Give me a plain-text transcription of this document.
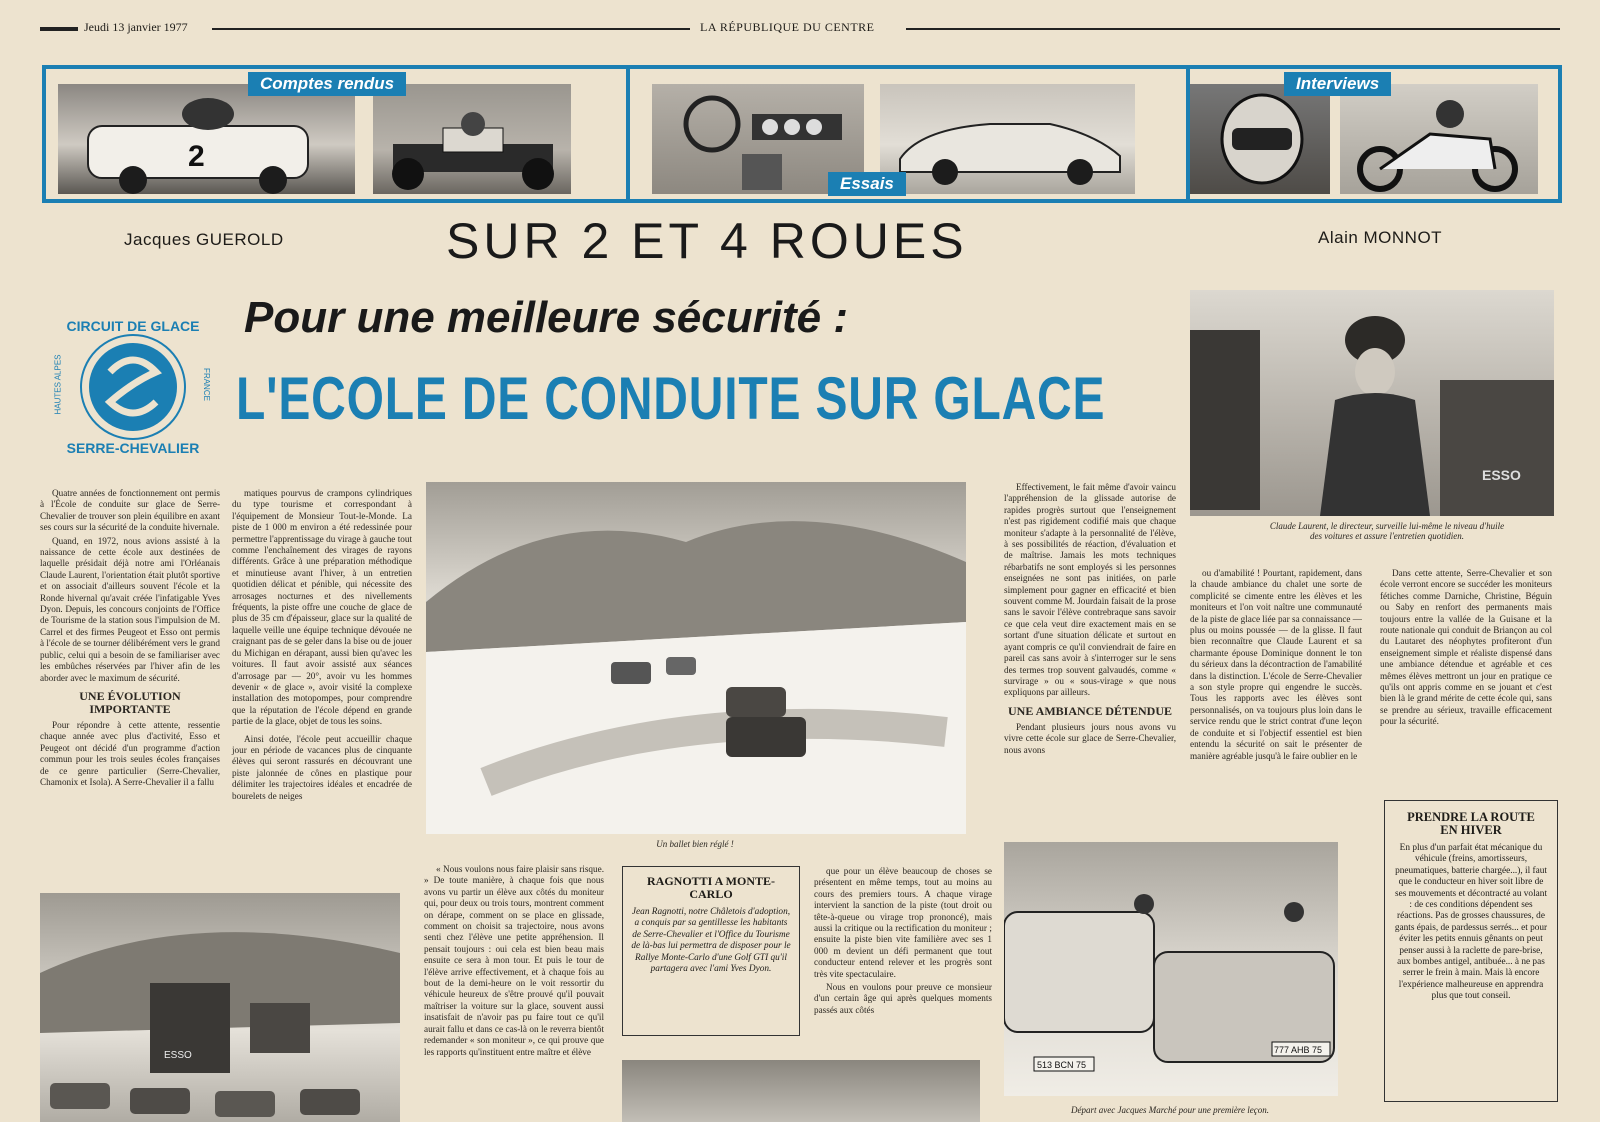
Jeudi 13 janvier 1977	LA RÉPUBLIQUE DU CENTRE
2
Comptes rendus
Essais
Interviews
Jacques GUEROLD	Alain MONNOT
SUR 2 ET 4 ROUES
Pour une meilleure sécurité :
L'ECOLE DE CONDUITE SUR GLACE
CIRCUIT DE GLACE
SERRE-CHEVALIER
HAUTES ALPES	FRANCE
ESSO
Claude Laurent, le directeur, surveille lui-même le niveau d'huile des voitures et assure l'entretien quotidien.
Un ballet bien réglé !
ESSO
513 BCN 75
777 AHB 75
Départ avec Jacques Marché pour une première leçon.

Quatre années de fonctionnement ont permis à l'École de conduite sur glace de Serre-Chevalier de trouver son plein équilibre en axant ses cours sur la sécurité de la conduite hivernale.

Quand, en 1972, nous avions assisté à la naissance de cette école aux destinées de laquelle présidait déjà notre ami l'Orléanais Claude Laurent, l'orientation était plutôt sportive et on associait d'ailleurs souvent l'école et la Ronde hivernal qu'avait créée l'infatigable Yves Dyon. Depuis, les concours conjoints de l'Office de Tourisme de la station sous l'impulsion de M. Carrel et des firmes Peugeot et Esso ont permis à l'école de se tourner délibérément vers le grand public, celui qui a besoin de se familiariser avec les embûches réservées par l'hiver afin de les aborder avec le maximum de sécurité.

UNE ÉVOLUTION IMPORTANTE

Pour répondre à cette attente, ressentie chaque année avec plus d'activité, Esso et Peugeot ont décidé d'un programme d'action commun pour les trois seules écoles françaises de ce genre particulier (Serre-Chevalier, Chamonix et Isola). A Serre-Chevalier il a fallu

matiques pourvus de crampons cylindriques du type tourisme et correspondant à l'équipement de Monsieur Tout-le-Monde. La piste de 1 000 m environ a été redessinée pour permettre l'apprentissage du virage à gauche tout comme l'enchaînement des virages de rayons différents. Grâce à une préparation méthodique et minutieuse avant l'hiver, à un entretien quotidien délicat et pénible, qui nécessite des arrosages nocturnes et des nivellements fréquents, la piste offre une couche de glace de plus de 35 cm d'épaisseur, glace sur la qualité de laquelle veille une équipe technique dévouée ne craignant pas de se geler dans la bise ou de jouer du Michigan en dérapant, aussi bien qu'avec les voitures. Il faut avoir assisté aux séances d'arrosage par — 20°, avoir vu les hommes devenir « de glace », avoir visité la complexe installation des motopompes, pour comprendre que la réputation de l'école dépend en grande partie de la glace, objet de tous les soins.

Ainsi dotée, l'école peut accueillir chaque jour en période de vacances plus de cinquante élèves qui seront rassurés en découvrant une piste jalonnée de cônes en plastique pour délimiter les trajectoires idéales et encadrée de bourelets de neiges

« Nous voulons nous faire plaisir sans risque. » De toute manière, à chaque fois que nous avons vu partir un élève aux côtés du moniteur qui, pour deux ou trois tours, montrent comment on dérape, comment on se place en glissade, comment on choisit sa trajectoire, nous avons senti chez l'élève une petite appréhension. Il pensait toujours : oui cela est bien beau mais ensuite ce sera à mon tour. Et puis le tour de l'élève arrive effectivement, et à chaque fois au bout de la demi-heure on le voit ressortir du véhicule heureux de s'être prouvé qu'il pouvait maîtriser la voiture sur la glace, souvent aussi insatisfait de n'avoir pas pu faire tout ce qu'il aurait fallu et dans ce cas-là on le reverra bientôt redemander « son moniteur », ce qui prouve que les rapports qu'instituent entre maître et élève

RAGNOTTI A MONTE-CARLO
Jean Ragnotti, notre Châletois d'adoption, a conquis par sa gentillesse les habitants de Serre-Chevalier et l'Office du Tourisme de là-bas lui permettra de disposer pour le Rallye Monte-Carlo d'une Golf GTI qu'il partagera avec l'ami Yves Dyon.

que pour un élève beaucoup de choses se présentent en même temps, tout au moins au cours des premiers tours. A chaque virage intervient la sanction de la piste (tout droit ou tête-à-queue ou virage trop prononcé), mais aussi la critique ou la rectification du moniteur ; ensuite la piste bien vite familière avec ses 1 000 m devient un défi permanent que tout conducteur entend relever et les progrès sont très vite spectaculaire.

Nous en voulons pour preuve ce monsieur d'un certain âge qui après quelques moments passés aux côtés

Effectivement, le fait même d'avoir vaincu l'appréhension de la glissade autorise de rapides progrès surtout que l'enseignement n'est pas rigidement codifié mais que chaque moniteur s'adapte à la personnalité de l'élève, à ses possibilités de réaction, d'évaluation et de maîtrise. Jamais les mots techniques rébarbatifs ne sont employés si les personnes enseignées ne sont pas initiées, on parle simplement pour gagner en efficacité et bien souvent comme M. Jourdain faisait de la prose sans le savoir l'élève contrebraque sans savoir ce que cela veut dire exactement mais en se sortant d'une situation délicate et surtout en ayant compris ce qu'il conviendrait de faire en pareil cas sans avoir à s'interroger sur le sens des termes trop souvent galvaudés, comme « survirage » ou « sous-virage » que nous expliquons par ailleurs.

UNE AMBIANCE DÉTENDUE

Pendant plusieurs jours nous avons vu vivre cette école sur glace de Serre-Chevalier, nous avons

ou d'amabilité ! Pourtant, rapidement, dans la chaude ambiance du chalet une sorte de complicité se cimente entre les élèves et les moniteurs et l'on voit naître une communauté de la piste de glace liée par sa connaissance — plus ou moins poussée — de la glisse. Il faut bien reconnaître que Claude Laurent et sa charmante épouse Dominique donnent le ton du sérieux dans la décontraction de l'amabilité dans la distinction. L'école de Serre-Chevalier a son style propre qui engendre le succès. Tous les rapports avec les élèves sont personnalisés, on va toujours plus loin dans le service rendu que le strict contrat d'une leçon de conduite et si l'objectif essentiel est bien entendu la sécurité on sait le présenter de manière agréable jusqu'à le faire oublier en le

Dans cette attente, Serre-Chevalier et son école verront encore se succéder les moniteurs fétiches comme Darniche, Christine, Béguin ou Saby en renfort des permanents mais toujours entre la vallée de la Guisane et la route nationale qui conduit de Briançon au col du Lautaret des néophytes profiteront d'un enseignement simple et réaliste dispensé dans une ambiance détendue et agréable et ces mêmes élèves mettront un jour en pratique ce qu'ils ont appris comme en se jouant et c'est bien là le grand mérite de cette école qui, sans se prendre au sérieux, travaille efficacement pour la sécurité.

PRENDRE LA ROUTE EN HIVER
En plus d'un parfait état mécanique du véhicule (freins, amortisseurs, pneumatiques, batterie chargée...), il faut que le conducteur en hiver soit libre de ses mouvements et décontracté au volant : de ces conditions dépendent ses réactions. Pas de grosses chaussures, de gants épais, de pardessus serrés... et pour éviter les petits ennuis gênants on peut penser aussi à la raclette de pare-brise, aux bombes antigel, antibuée... à ne pas serrer le frein à main. Mais là encore l'expérience malheureuse en apprendra plus que tout conseil.
